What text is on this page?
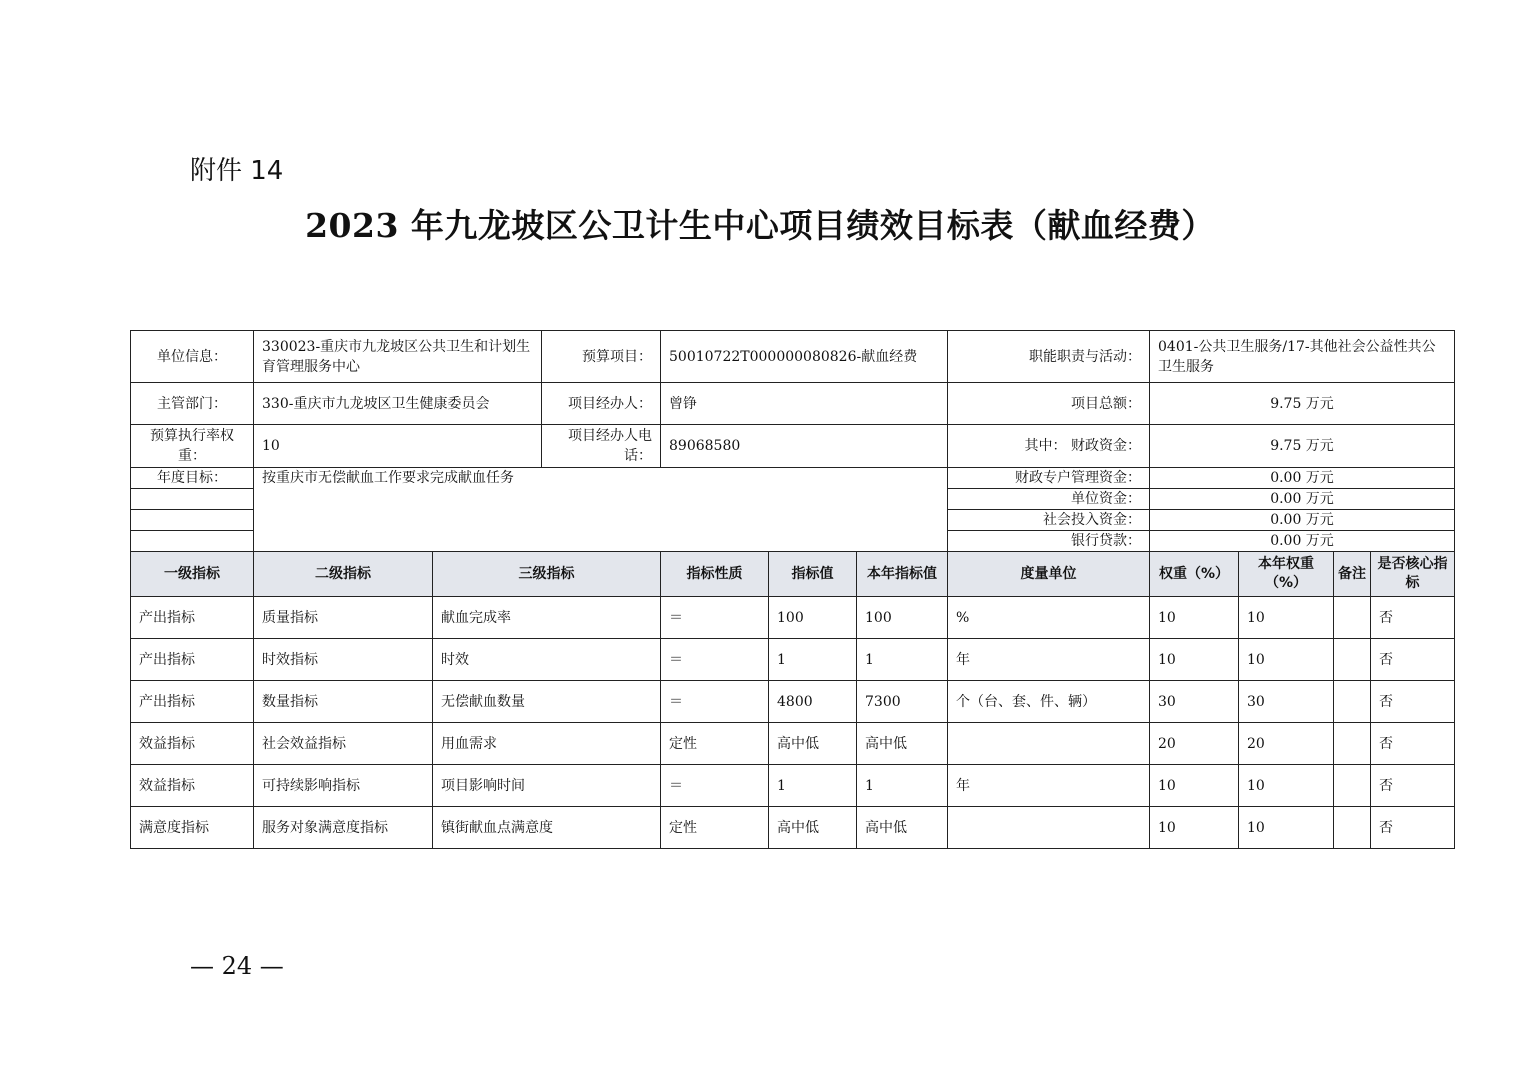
附件 14
2023 年九龙坡区公卫计生中心项目绩效目标表（献血经费）
单位信息：	330023-重庆市九龙坡区公共卫生和计划生育管理服务中心		预算项目：	50010722T000000080826-献血经费			职能职责与活动：	0401-公共卫生服务/17-其他社会公益性共公卫生服务			
主管部门：	330-重庆市九龙坡区卫生健康委员会		项目经办人：	曾铮			项目总额：	9.75 万元			
预算执行率权重：	10		项目经办人电话：	89068580			其中： 财政资金：	9.75 万元			
年度目标：	按重庆市无偿献血工作要求完成献血任务						财政专户管理资金：	0.00 万元			
							单位资金：	0.00 万元			
							社会投入资金：	0.00 万元			
							银行贷款：	0.00 万元			
一级指标	二级指标	三级指标		指标性质	指标值	本年指标值	度量单位	权重（%）	本年权重（%）	备注	是否核心指标
产出指标	质量指标	献血完成率		＝	100	100	%	10	10		否
产出指标	时效指标	时效		＝	1	1	年	10	10		否
产出指标	数量指标	无偿献血数量		＝	4800	7300	个（台、套、件、辆）	30	30		否
效益指标	社会效益指标	用血需求		定性	高中低	高中低		20	20		否
效益指标	可持续影响指标	项目影响时间		＝	1	1	年	10	10		否
满意度指标	服务对象满意度指标	镇街献血点满意度		定性	高中低	高中低		10	10		否
— 24 —
